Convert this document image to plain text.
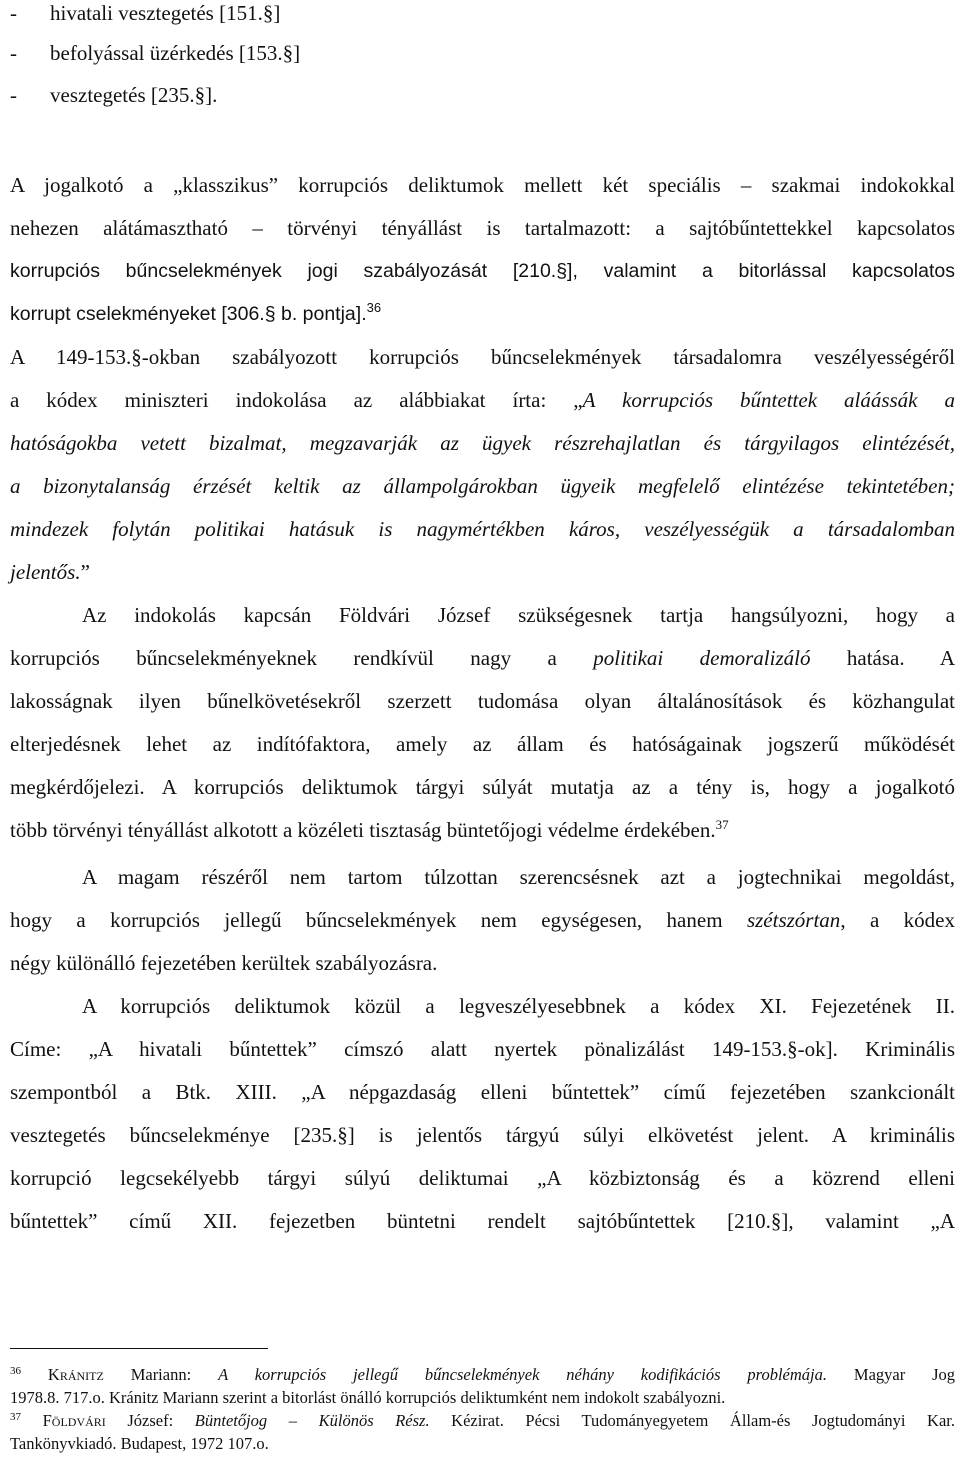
- hivatali vesztegetés [151.§]
- befolyással üzérkedés [153.§]
- vesztegetés [235.§].
A jogalkotó a „klasszikus” korrupciós deliktumok mellett két speciális – szakmai indokokkal
nehezen alátámasztható – törvényi tényállást is tartalmazott: a sajtóbűntettekkel kapcsolatos
korrupciós bűncselekmények jogi szabályozását [210.§], valamint a bitorlással kapcsolatos
korrupt cselekményeket [306.§ b. pontja].$^{36}$
A 149-153.§-okban szabályozott korrupciós bűncselekmények társadalomra veszélyességéről
a kódex miniszteri indokolása az alábbiakat írta: „A korrupciós bűntettek aláássák a
hatóságokba vetett bizalmat, megzavarják az ügyek részrehajlatlan és tárgyilagos elintézését,
a bizonytalanság érzését keltik az állampolgárokban ügyeik megfelelő elintézése tekintetében;
mindezek folytán politikai hatásuk is nagymértékben káros, veszélyességük a társadalomban
jelentős.”
Az indokolás kapcsán Földvári József szükségesnek tartja hangsúlyozni, hogy a
korrupciós bűncselekményeknek rendkívül nagy a politikai demoralizáló hatása. A
lakosságnak ilyen bűnelkövetésekről szerzett tudomása olyan általánosítások és közhangulat
elterjedésnek lehet az indítófaktora, amely az állam és hatóságainak jogszerű működését
megkérdőjelezi. A korrupciós deliktumok tárgyi súlyát mutatja az a tény is, hogy a jogalkotó
több törvényi tényállást alkotott a közéleti tisztaság büntetőjogi védelme érdekében.$^{37}$
A magam részéről nem tartom túlzottan szerencsésnek azt a jogtechnikai megoldást,
hogy a korrupciós jellegű bűncselekmények nem egységesen, hanem szétszórtan, a kódex
négy különálló fejezetében kerültek szabályozásra.
A korrupciós deliktumok közül a legveszélyesebbnek a kódex XI. Fejezetének II.
Címe: „A hivatali bűntettek” címszó alatt nyertek pönalizálást 149-153.§-ok]. Kriminális
szempontból a Btk. XIII. „A népgazdaság elleni bűntettek” című fejezetében szankcionált
vesztegetés bűncselekménye [235.§] is jelentős tárgyú súlyi elkövetést jelent. A kriminális
korrupció legcsekélyebb tárgyi súlyú deliktumai „A közbiztonság és a közrend elleni
bűntettek” című XII. fejezetben büntetni rendelt sajtóbűntettek [210.§], valamint „A
$^{36}$ Kránitz Mariann: A korrupciós jellegű bűncselekmények néhány kodifikációs problémája. Magyar Jog
1978.8. 717.o. Kránitz Mariann szerint a bitorlást önálló korrupciós deliktumként nem indokolt szabályozni.
$^{37}$ Földvári József: Büntetőjog – Különös Rész. Kézirat. Pécsi Tudományegyetem Állam-és Jogtudományi Kar.
Tankönyvkiadó. Budapest, 1972 107.o.
